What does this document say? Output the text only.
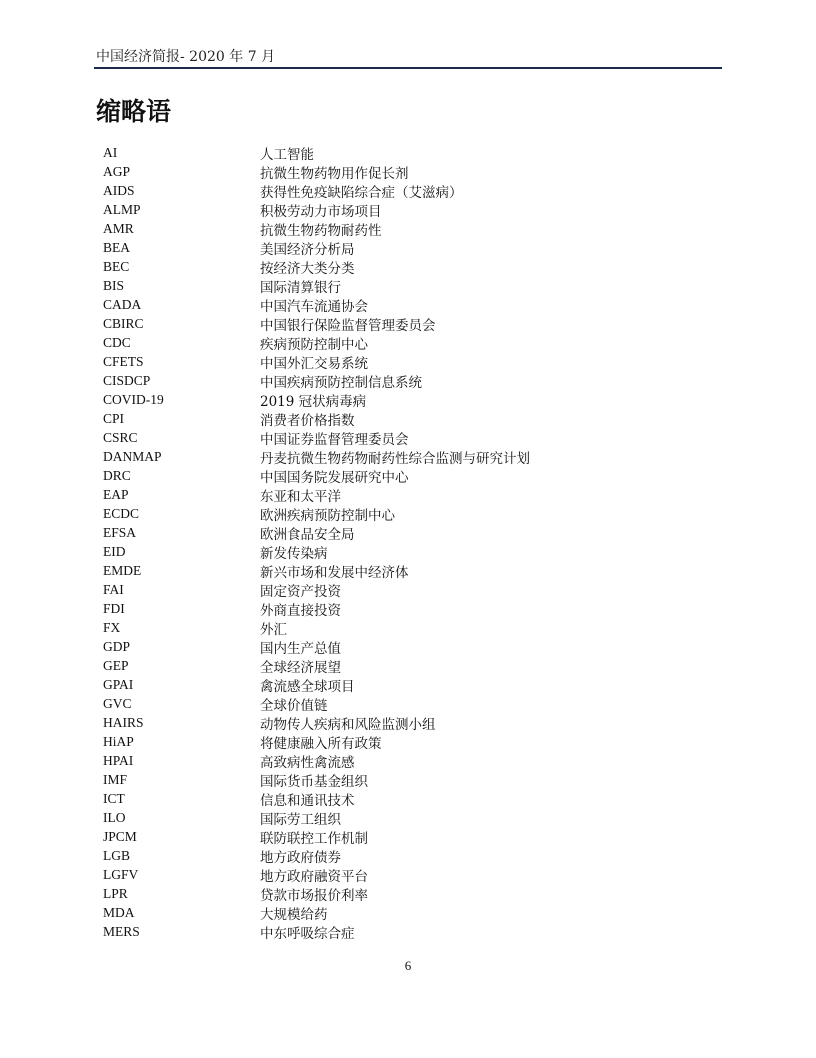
中国经济简报- 2020 年 7 月
缩略语
AI	人工智能
AGP	抗微生物药物用作促长剂
AIDS	获得性免疫缺陷综合症（艾滋病）
ALMP	积极劳动力市场项目
AMR	抗微生物药物耐药性
BEA	美国经济分析局
BEC	按经济大类分类
BIS	国际清算银行
CADA	中国汽车流通协会
CBIRC	中国银行保险监督管理委员会
CDC	疾病预防控制中心
CFETS	中国外汇交易系统
CISDCP	中国疾病预防控制信息系统
COVID-19	2019 冠状病毒病
CPI	消费者价格指数
CSRC	中国证券监督管理委员会
DANMAP	丹麦抗微生物药物耐药性综合监测与研究计划
DRC	中国国务院发展研究中心
EAP	东亚和太平洋
ECDC	欧洲疾病预防控制中心
EFSA	欧洲食品安全局
EID	新发传染病
EMDE	新兴市场和发展中经济体
FAI	固定资产投资
FDI	外商直接投资
FX	外汇
GDP	国内生产总值
GEP	全球经济展望
GPAI	禽流感全球项目
GVC	全球价值链
HAIRS	动物传人疾病和风险监测小组
HiAP	将健康融入所有政策
HPAI	高致病性禽流感
IMF	国际货币基金组织
ICT	信息和通讯技术
ILO	国际劳工组织
JPCM	联防联控工作机制
LGB	地方政府债券
LGFV	地方政府融资平台
LPR	贷款市场报价利率
MDA	大规模给药
MERS	中东呼吸综合症
6
